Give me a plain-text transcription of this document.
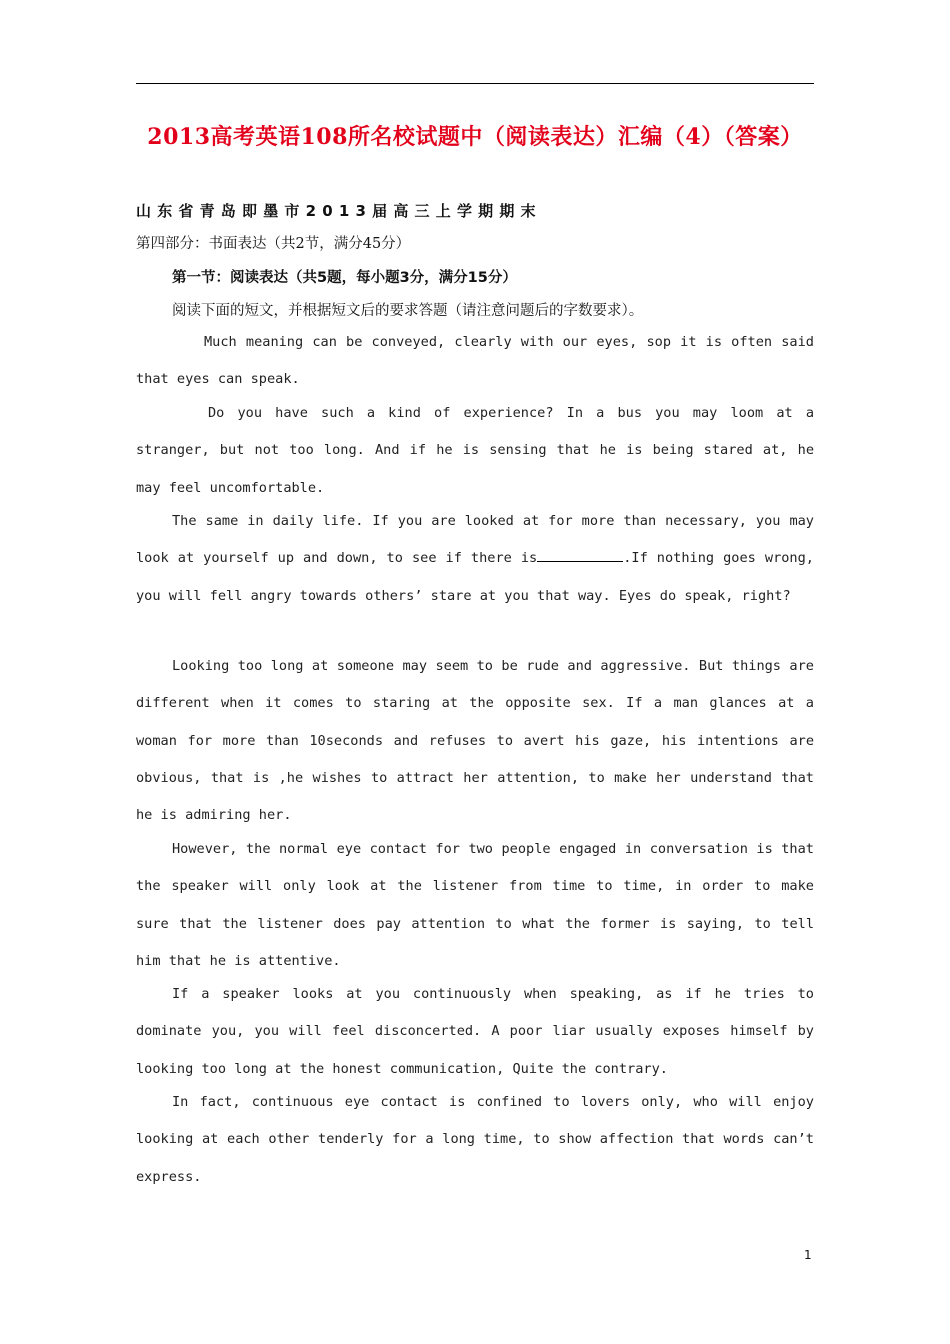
2013高考英语108所名校试题中（阅读表达）汇编（4）（答案）
山东省青岛即墨市2013届高三上学期期末
第四部分：书面表达（共2节，满分45分）
第一节：阅读表达（共5题，每小题3分，满分15分）
阅读下面的短文，并根据短文后的要求答题（请注意问题后的字数要求）。

Much meaning can be conveyed, clearly with our eyes, sop it is often said that eyes can speak.

Do you have such a kind of experience? In a bus you may loom at a stranger, but not too long. And if he is sensing that he is being stared at, he may feel uncomfortable.

The same in daily life. If you are looked at for more than necessary, you may look at yourself up and down, to see if there is	.If nothing goes wrong, you will fell angry towards others’ stare at you that way. Eyes do speak, right?

Looking too long at someone may seem to be rude and aggressive. But things are different when it comes to staring at the opposite sex. If a man glances at a woman for more than 10seconds and refuses to avert his gaze, his intentions are obvious, that is ,he wishes to attract her attention, to make her understand that he is admiring her.

However, the normal eye contact for two people engaged in conversation is that the speaker will only look at the listener from time to time, in order to make sure that the listener does pay attention to what the former is saying, to tell him that he is attentive.

If a speaker looks at you continuously when speaking, as if he tries to dominate you, you will feel disconcerted. A poor liar usually exposes himself by looking too long at the honest communication, Quite the contrary.

In fact, continuous eye contact is confined to lovers only, who will enjoy looking at each other tenderly for a long time, to show affection that words can’t express.

1
